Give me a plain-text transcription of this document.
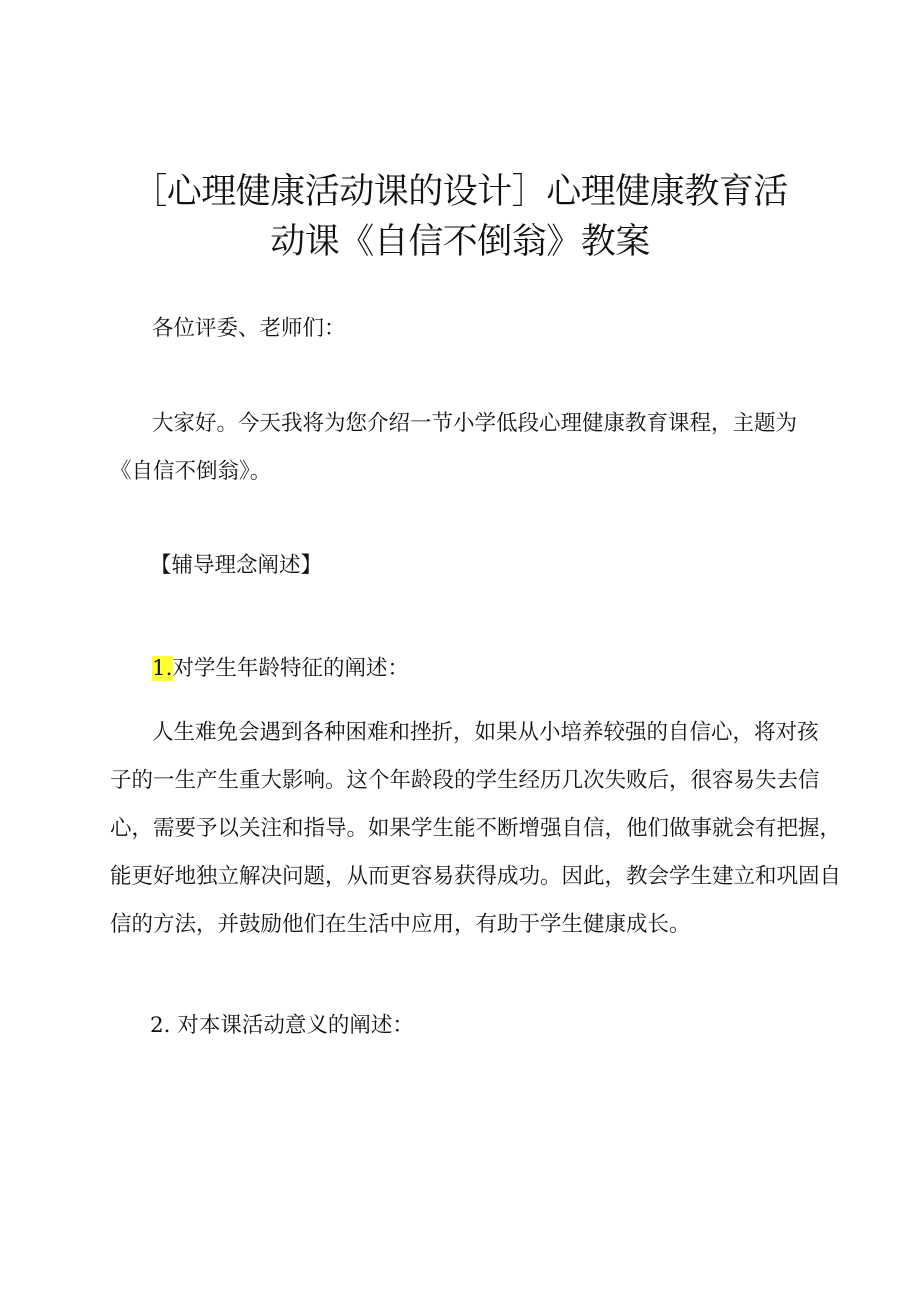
［心理健康活动课的设计］心理健康教育活
动课《自信不倒翁》教案
各位评委、老师们：
大家好。今天我将为您介绍一节小学低段心理健康教育课程，主题为
《自信不倒翁》。
【辅导理念阐述】
1.对学生年龄特征的阐述：
人生难免会遇到各种困难和挫折，如果从小培养较强的自信心，将对孩
子的一生产生重大影响。这个年龄段的学生经历几次失败后，很容易失去信
心，需要予以关注和指导。如果学生能不断增强自信，他们做事就会有把握，
能更好地独立解决问题，从而更容易获得成功。因此，教会学生建立和巩固自
信的方法，并鼓励他们在生活中应用，有助于学生健康成长。
2. 对本课活动意义的阐述：
